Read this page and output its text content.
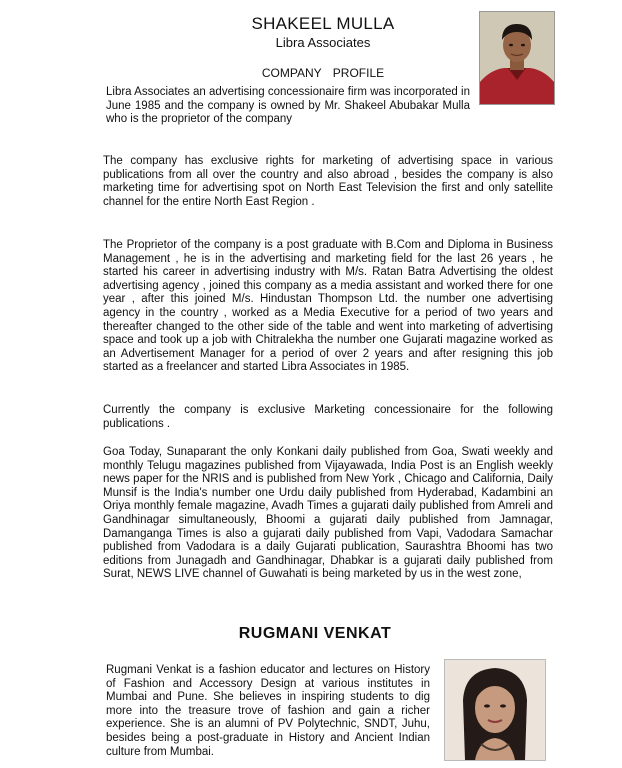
SHAKEEL MULLA
Libra Associates
COMPANY PROFILE
Libra Associates an advertising concessionaire firm was incorporated in June 1985 and the company is owned by Mr. Shakeel Abubakar Mulla who is the proprietor of the company
The company has exclusive rights for marketing of advertising space in various publications from all over the country and also abroad , besides the company is also marketing time for advertising spot on North East Television the first and only satellite channel for the entire North East Region .
The Proprietor of the company is a post graduate with B.Com and Diploma in Business Management , he is in the advertising and marketing field for the last 26 years , he started his career in advertising industry with M/s. Ratan Batra Advertising the oldest advertising agency , joined this company as a media assistant and worked there for one year , after this joined M/s. Hindustan Thompson Ltd. the number one advertising agency in the country , worked as a Media Executive for a period of two years and thereafter changed to the other side of the table and went into marketing of advertising space and took up a job with Chitralekha the number one Gujarati magazine worked as an Advertisement Manager for a period of over 2 years and after resigning this job started as a freelancer and started Libra Associates in 1985.
Currently the company is exclusive Marketing concessionaire for the following publications .
Goa Today, Sunaparant the only Konkani daily published from Goa, Swati weekly and monthly Telugu magazines published from Vijayawada, India Post is an English weekly news paper for the NRIS and is published from New York , Chicago and California, Daily Munsif is the India's number one Urdu daily published from Hyderabad, Kadambini an Oriya monthly female magazine, Avadh Times a gujarati daily published from Amreli and Gandhinagar simultaneously, Bhoomi a gujarati daily published from Jamnagar, Damanganga Times is also a gujarati daily published from Vapi, Vadodara Samachar published from Vadodara is a daily Gujarati publication, Saurashtra Bhoomi has two editions from Junagadh and Gandhinagar, Dhabkar is a gujarati daily published from Surat, NEWS LIVE channel of Guwahati is being marketed by us in the west zone,
RUGMANI VENKAT
Rugmani Venkat is a fashion educator and lectures on History of Fashion and Accessory Design at various institutes in Mumbai and Pune. She believes in inspiring students to dig more into the treasure trove of fashion and gain a richer experience. She is an alumni of PV Polytechnic, SNDT, Juhu, besides being a post-graduate in History and Ancient Indian culture from Mumbai.
